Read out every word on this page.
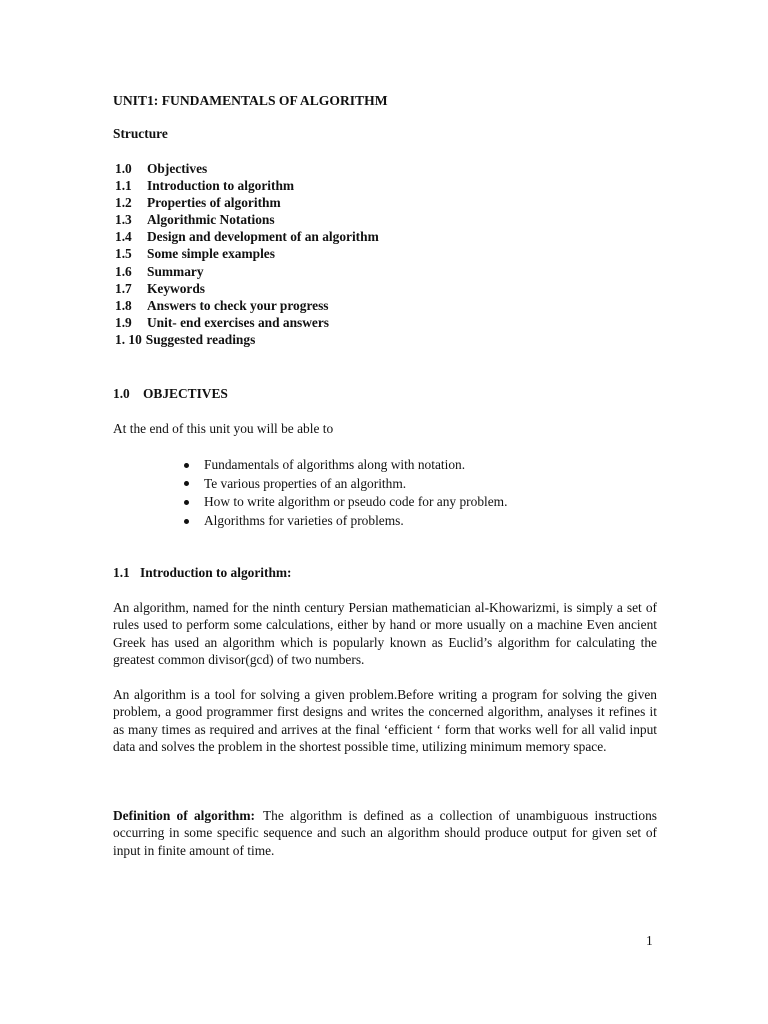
UNIT1: FUNDAMENTALS OF ALGORITHM
Structure
1.0 Objectives
1.1 Introduction to algorithm
1.2 Properties of algorithm
1.3 Algorithmic Notations
1.4 Design and development of an algorithm
1.5 Some simple examples
1.6 Summary
1.7 Keywords
1.8 Answers to check your progress
1.9 Unit- end exercises and answers
1. 10 Suggested readings
1.0 OBJECTIVES
At the end of this unit you will be able to
Fundamentals of algorithms along with notation.
Te various properties of an algorithm.
How to write algorithm or pseudo code for any problem.
Algorithms for varieties of problems.
1.1 Introduction to algorithm:

An algorithm, named for the ninth century Persian mathematician al-Khowarizmi, is simply a set of rules used to perform some calculations, either by hand or more usually on a machine Even ancient Greek has used an algorithm which is popularly known as Euclid’s algorithm for calculating the greatest common divisor(gcd) of two numbers.

An algorithm is a tool for solving a given problem.Before writing a program for solving the given problem, a good programmer first designs and writes the concerned algorithm, analyses it refines it as many times as required and arrives at the final ‘efficient ‘ form that works well for all valid input data and solves the problem in the shortest possible time, utilizing minimum memory space.

Definition of algorithm: The algorithm is defined as a collection of unambiguous instructions occurring in some specific sequence and such an algorithm should produce output for given set of input in finite amount of time.

1
